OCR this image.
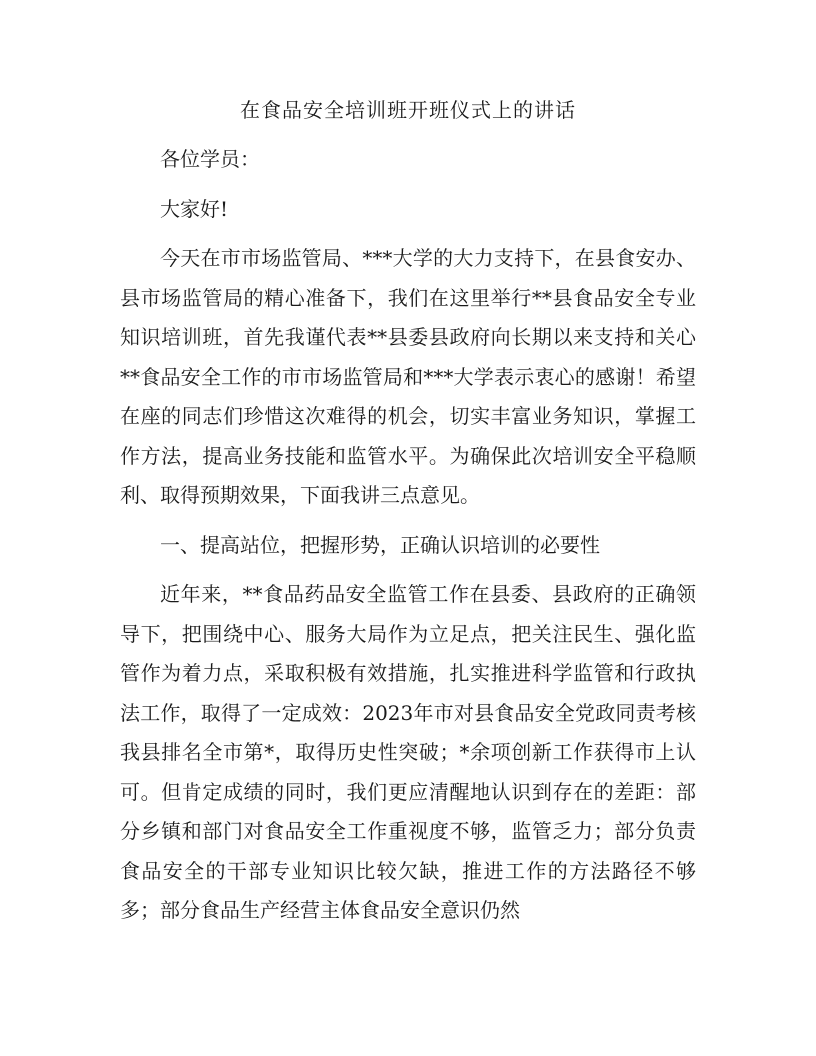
在食品安全培训班开班仪式上的讲话

各位学员：

大家好!

今天在市市场监管局、***大学的大力支持下，在县食安办、县市场监管局的精心准备下，我们在这里举行**县食品安全专业知识培训班，首先我谨代表**县委县政府向长期以来支持和关心**食品安全工作的市市场监管局和***大学表示衷心的感谢！希望在座的同志们珍惜这次难得的机会，切实丰富业务知识，掌握工作方法，提高业务技能和监管水平。为确保此次培训安全平稳顺利、取得预期效果，下面我讲三点意见。

一、提高站位，把握形势，正确认识培训的必要性

近年来，**食品药品安全监管工作在县委、县政府的正确领导下，把围绕中心、服务大局作为立足点，把关注民生、强化监管作为着力点，采取积极有效措施，扎实推进科学监管和行政执法工作，取得了一定成效：2023年市对县食品安全党政同责考核我县排名全市第*，取得历史性突破；*余项创新工作获得市上认可。但肯定成绩的同时，我们更应清醒地认识到存在的差距：部分乡镇和部门对食品安全工作重视度不够，监管乏力；部分负责食品安全的干部专业知识比较欠缺，推进工作的方法路径不够多；部分食品生产经营主体食品安全意识仍然
